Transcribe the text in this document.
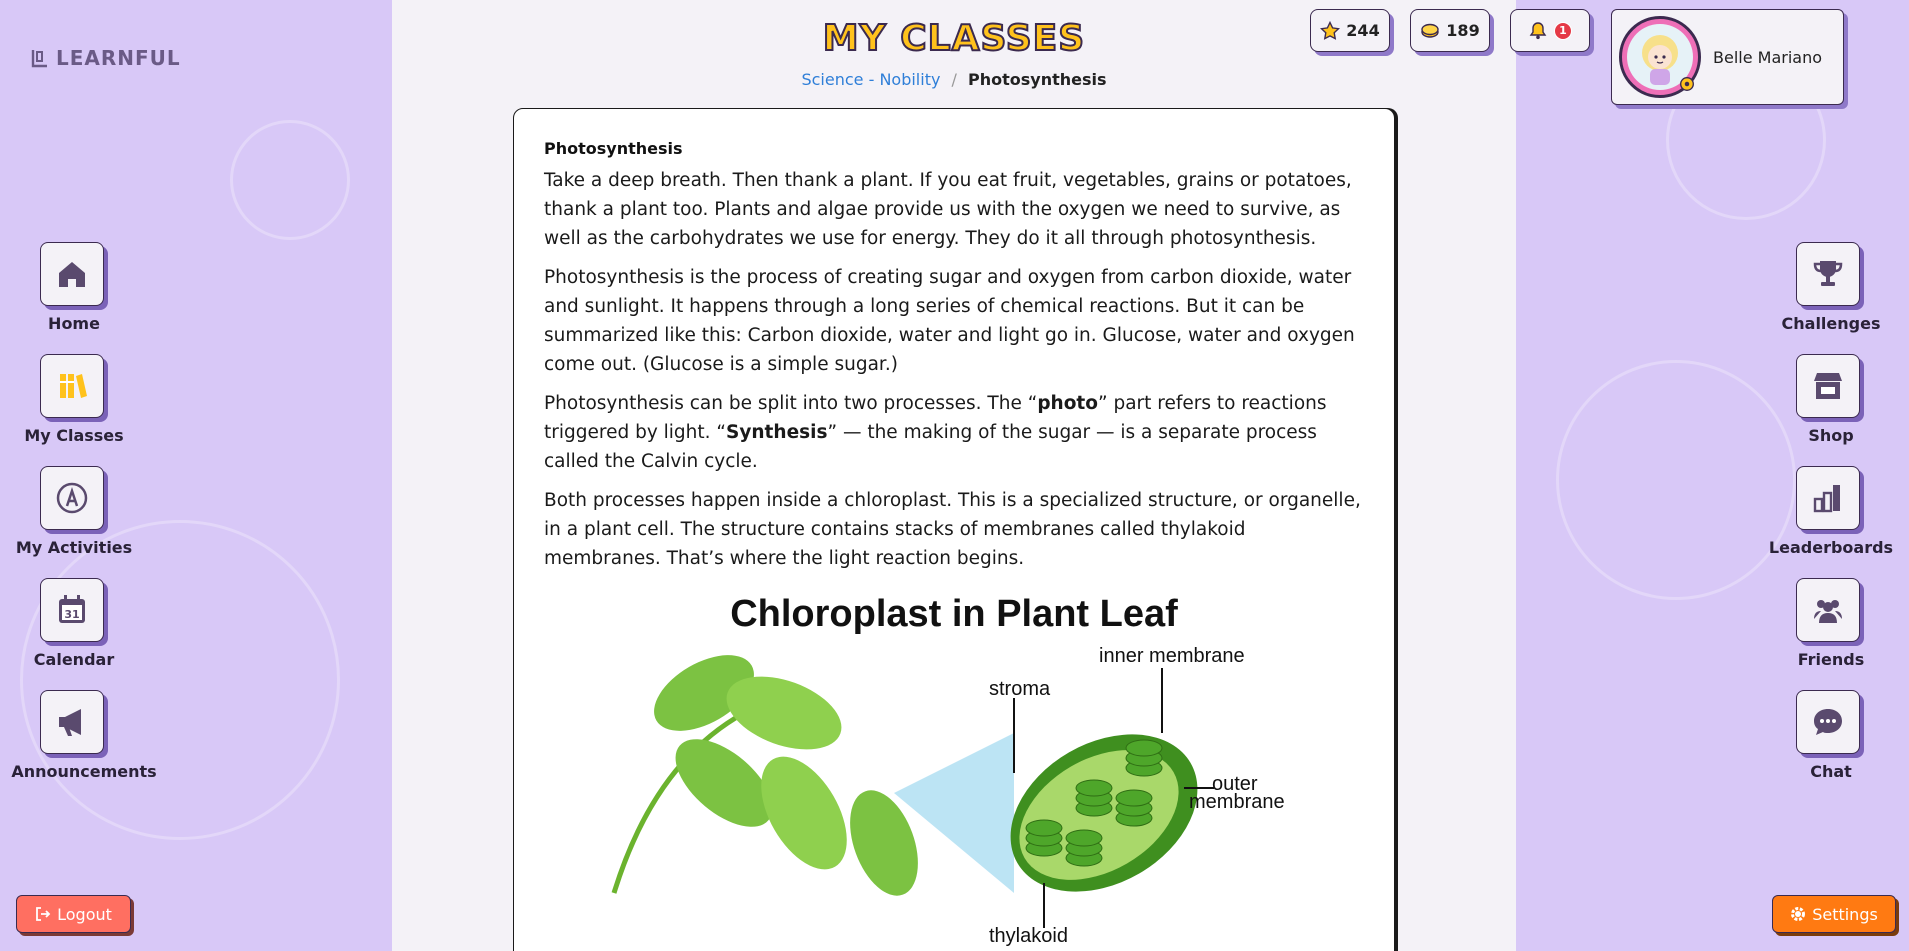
LEARNFUL	MY CLASSES
Science - Nobility / Photosynthesis
244	189	1
Belle Mariano
Home
My Classes
My Activities
31
Calendar
Announcements
Challenges
Shop
Leaderboards
Friends
Chat
Logout	Settings
Photosynthesis

Take a deep breath. Then thank a plant. If you eat fruit, vegetables, grains or potatoes, thank a plant too. Plants and algae provide us with the oxygen we need to survive, as well as the carbohydrates we use for energy. They do it all through photosynthesis.

Photosynthesis is the process of creating sugar and oxygen from carbon dioxide, water and sunlight. It happens through a long series of chemical reactions. But it can be summarized like this: Carbon dioxide, water and light go in. Glucose, water and oxygen come out. (Glucose is a simple sugar.)

Photosynthesis can be split into two processes. The “photo” part refers to reactions triggered by light. “Synthesis” — the making of the sugar — is a separate process called the Calvin cycle.

Both processes happen inside a chloroplast. This is a specialized structure, or organelle, in a plant cell. The structure contains stacks of membranes called thylakoid membranes. That’s where the light reaction begins.

Chloroplast in Plant Leaf
inner membrane
stroma
outer
membrane
thylakoid
